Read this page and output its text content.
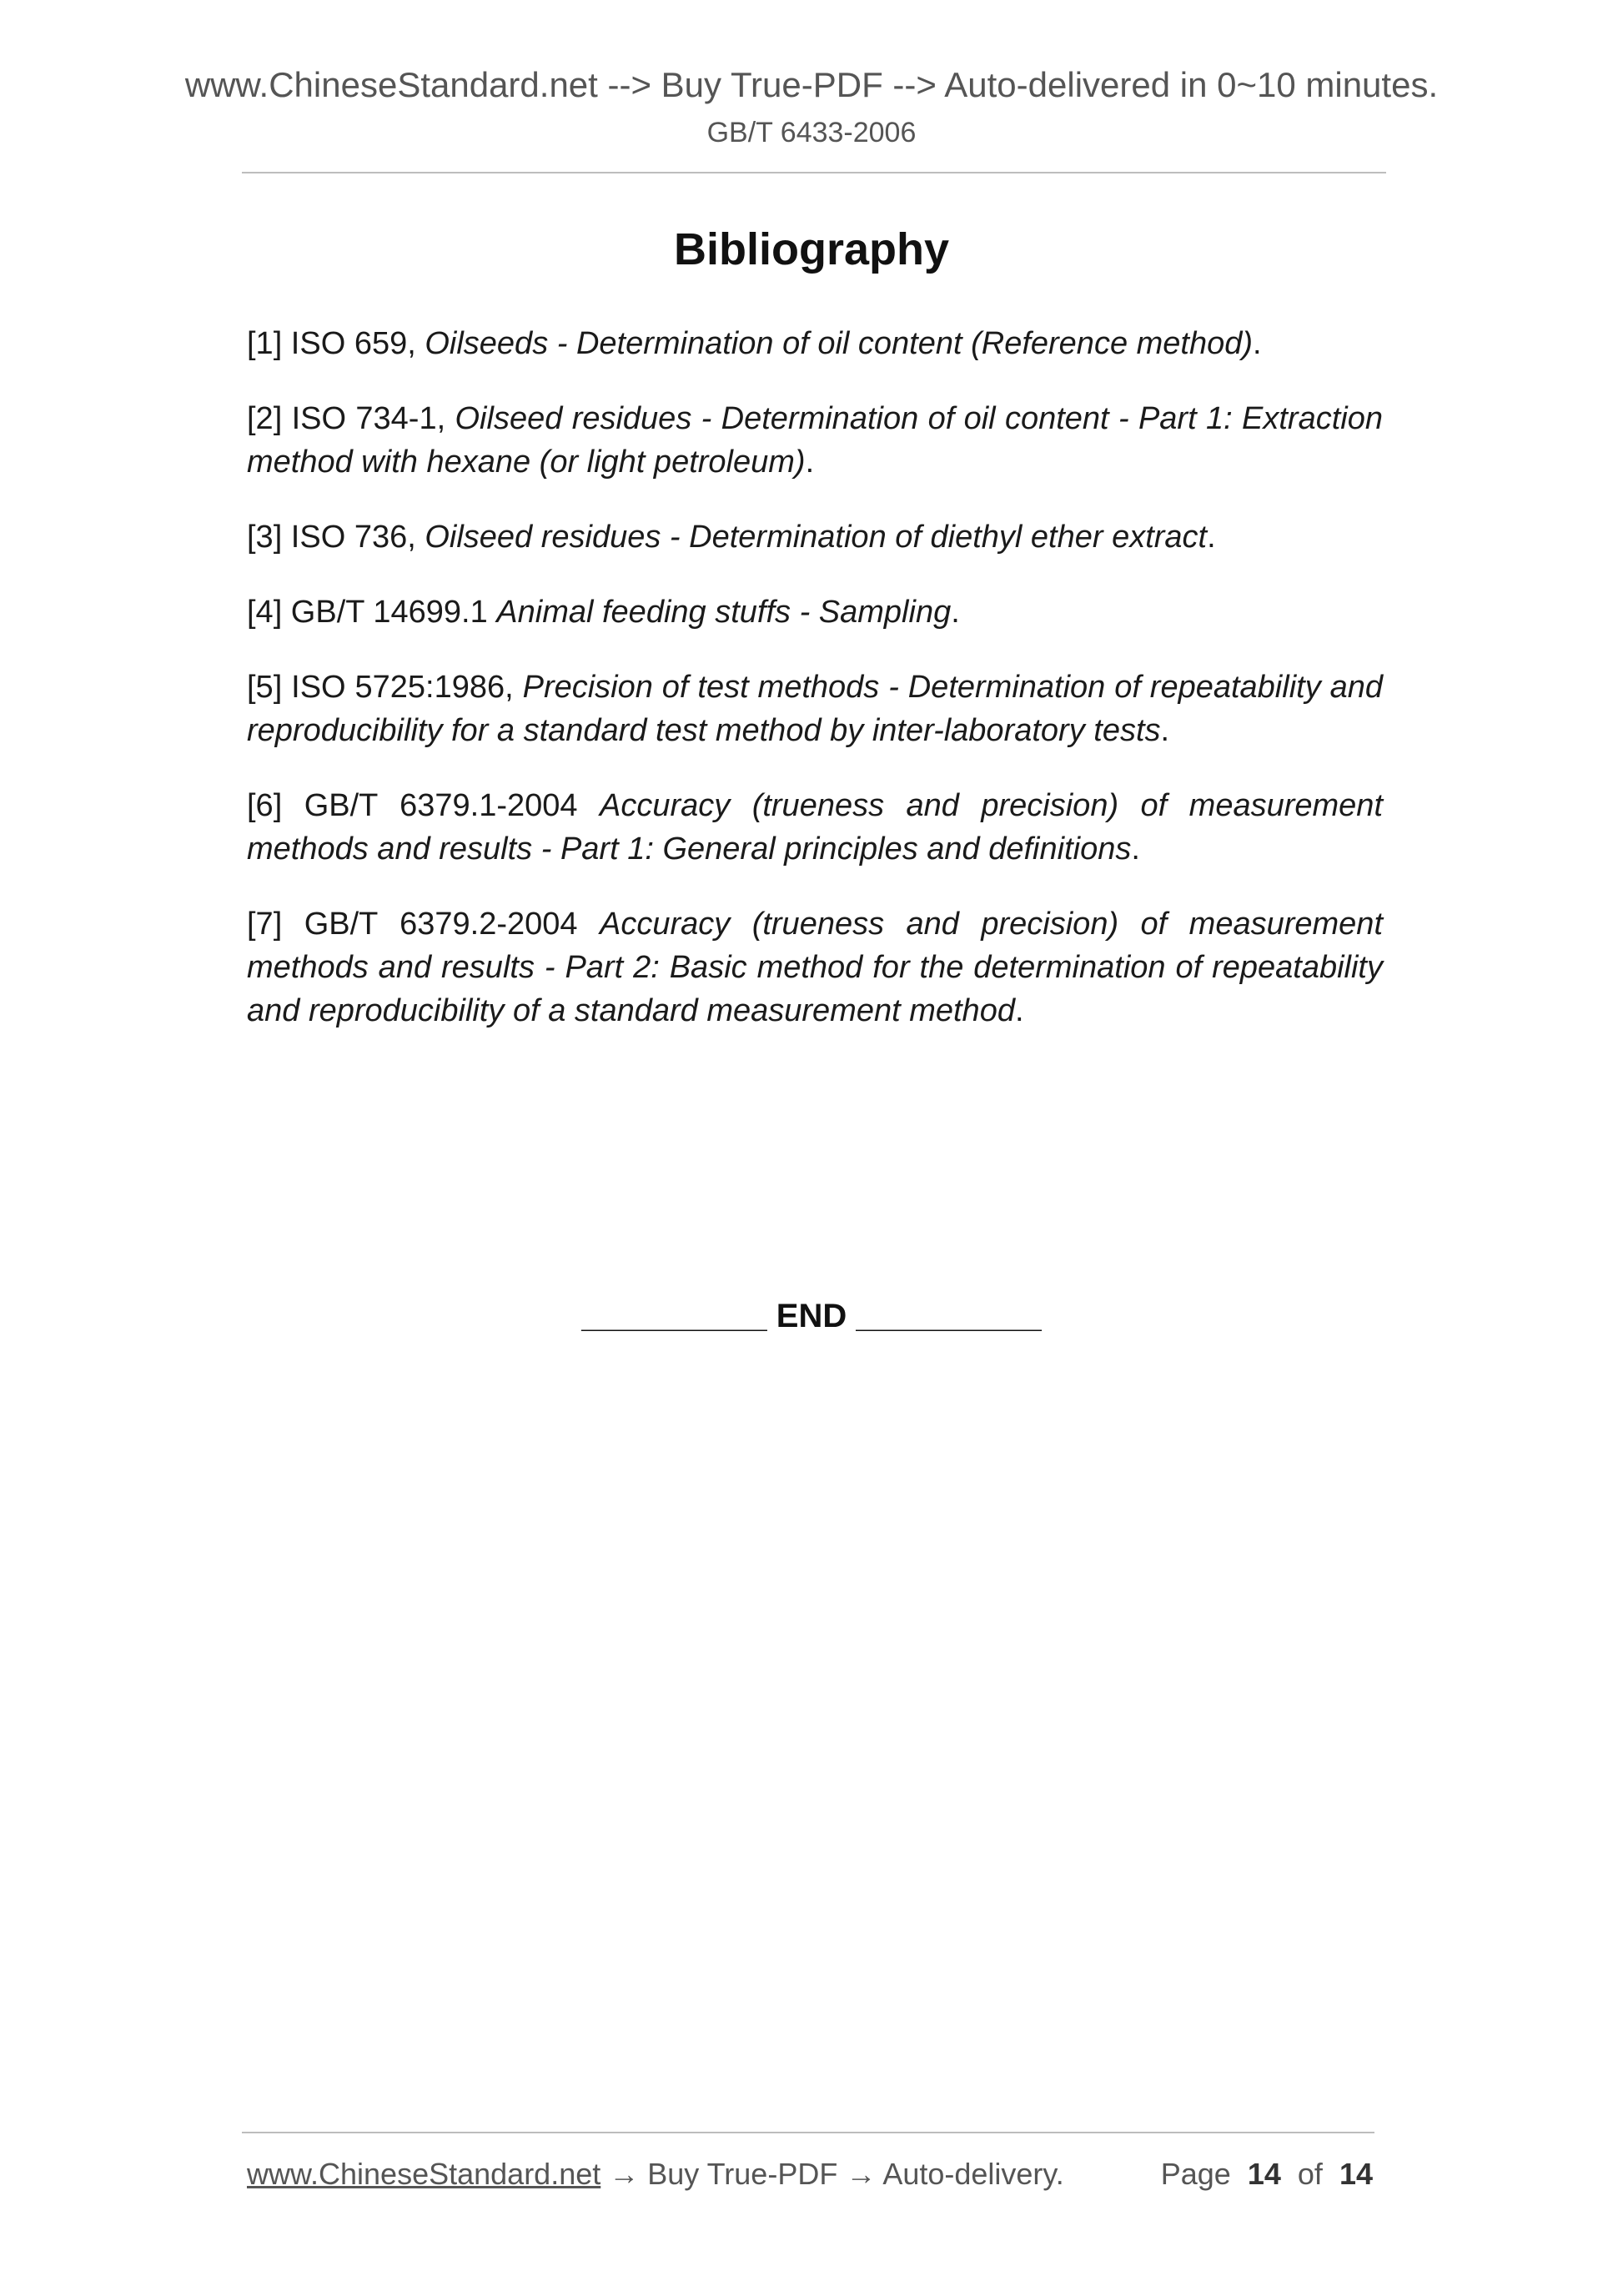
www.ChineseStandard.net --> Buy True-PDF --> Auto-delivered in 0~10 minutes.
GB/T 6433-2006
Bibliography

[1] ISO 659, Oilseeds - Determination of oil content (Reference method).

[2] ISO 734-1, Oilseed residues - Determination of oil content - Part 1: Extraction method with hexane (or light petroleum).

[3] ISO 736, Oilseed residues - Determination of diethyl ether extract.

[4] GB/T 14699.1 Animal feeding stuffs - Sampling.

[5] ISO 5725:1986, Precision of test methods - Determination of repeatability and reproducibility for a standard test method by inter-laboratory tests.

[6] GB/T 6379.1-2004 Accuracy (trueness and precision) of measurement methods and results - Part 1: General principles and definitions.

[7] GB/T 6379.2-2004 Accuracy (trueness and precision) of measurement methods and results - Part 2: Basic method for the determination of repeatability and reproducibility of a standard measurement method.

__________ END __________
www.ChineseStandard.net → Buy True-PDF → Auto-delivery.	Page 14 of 14
